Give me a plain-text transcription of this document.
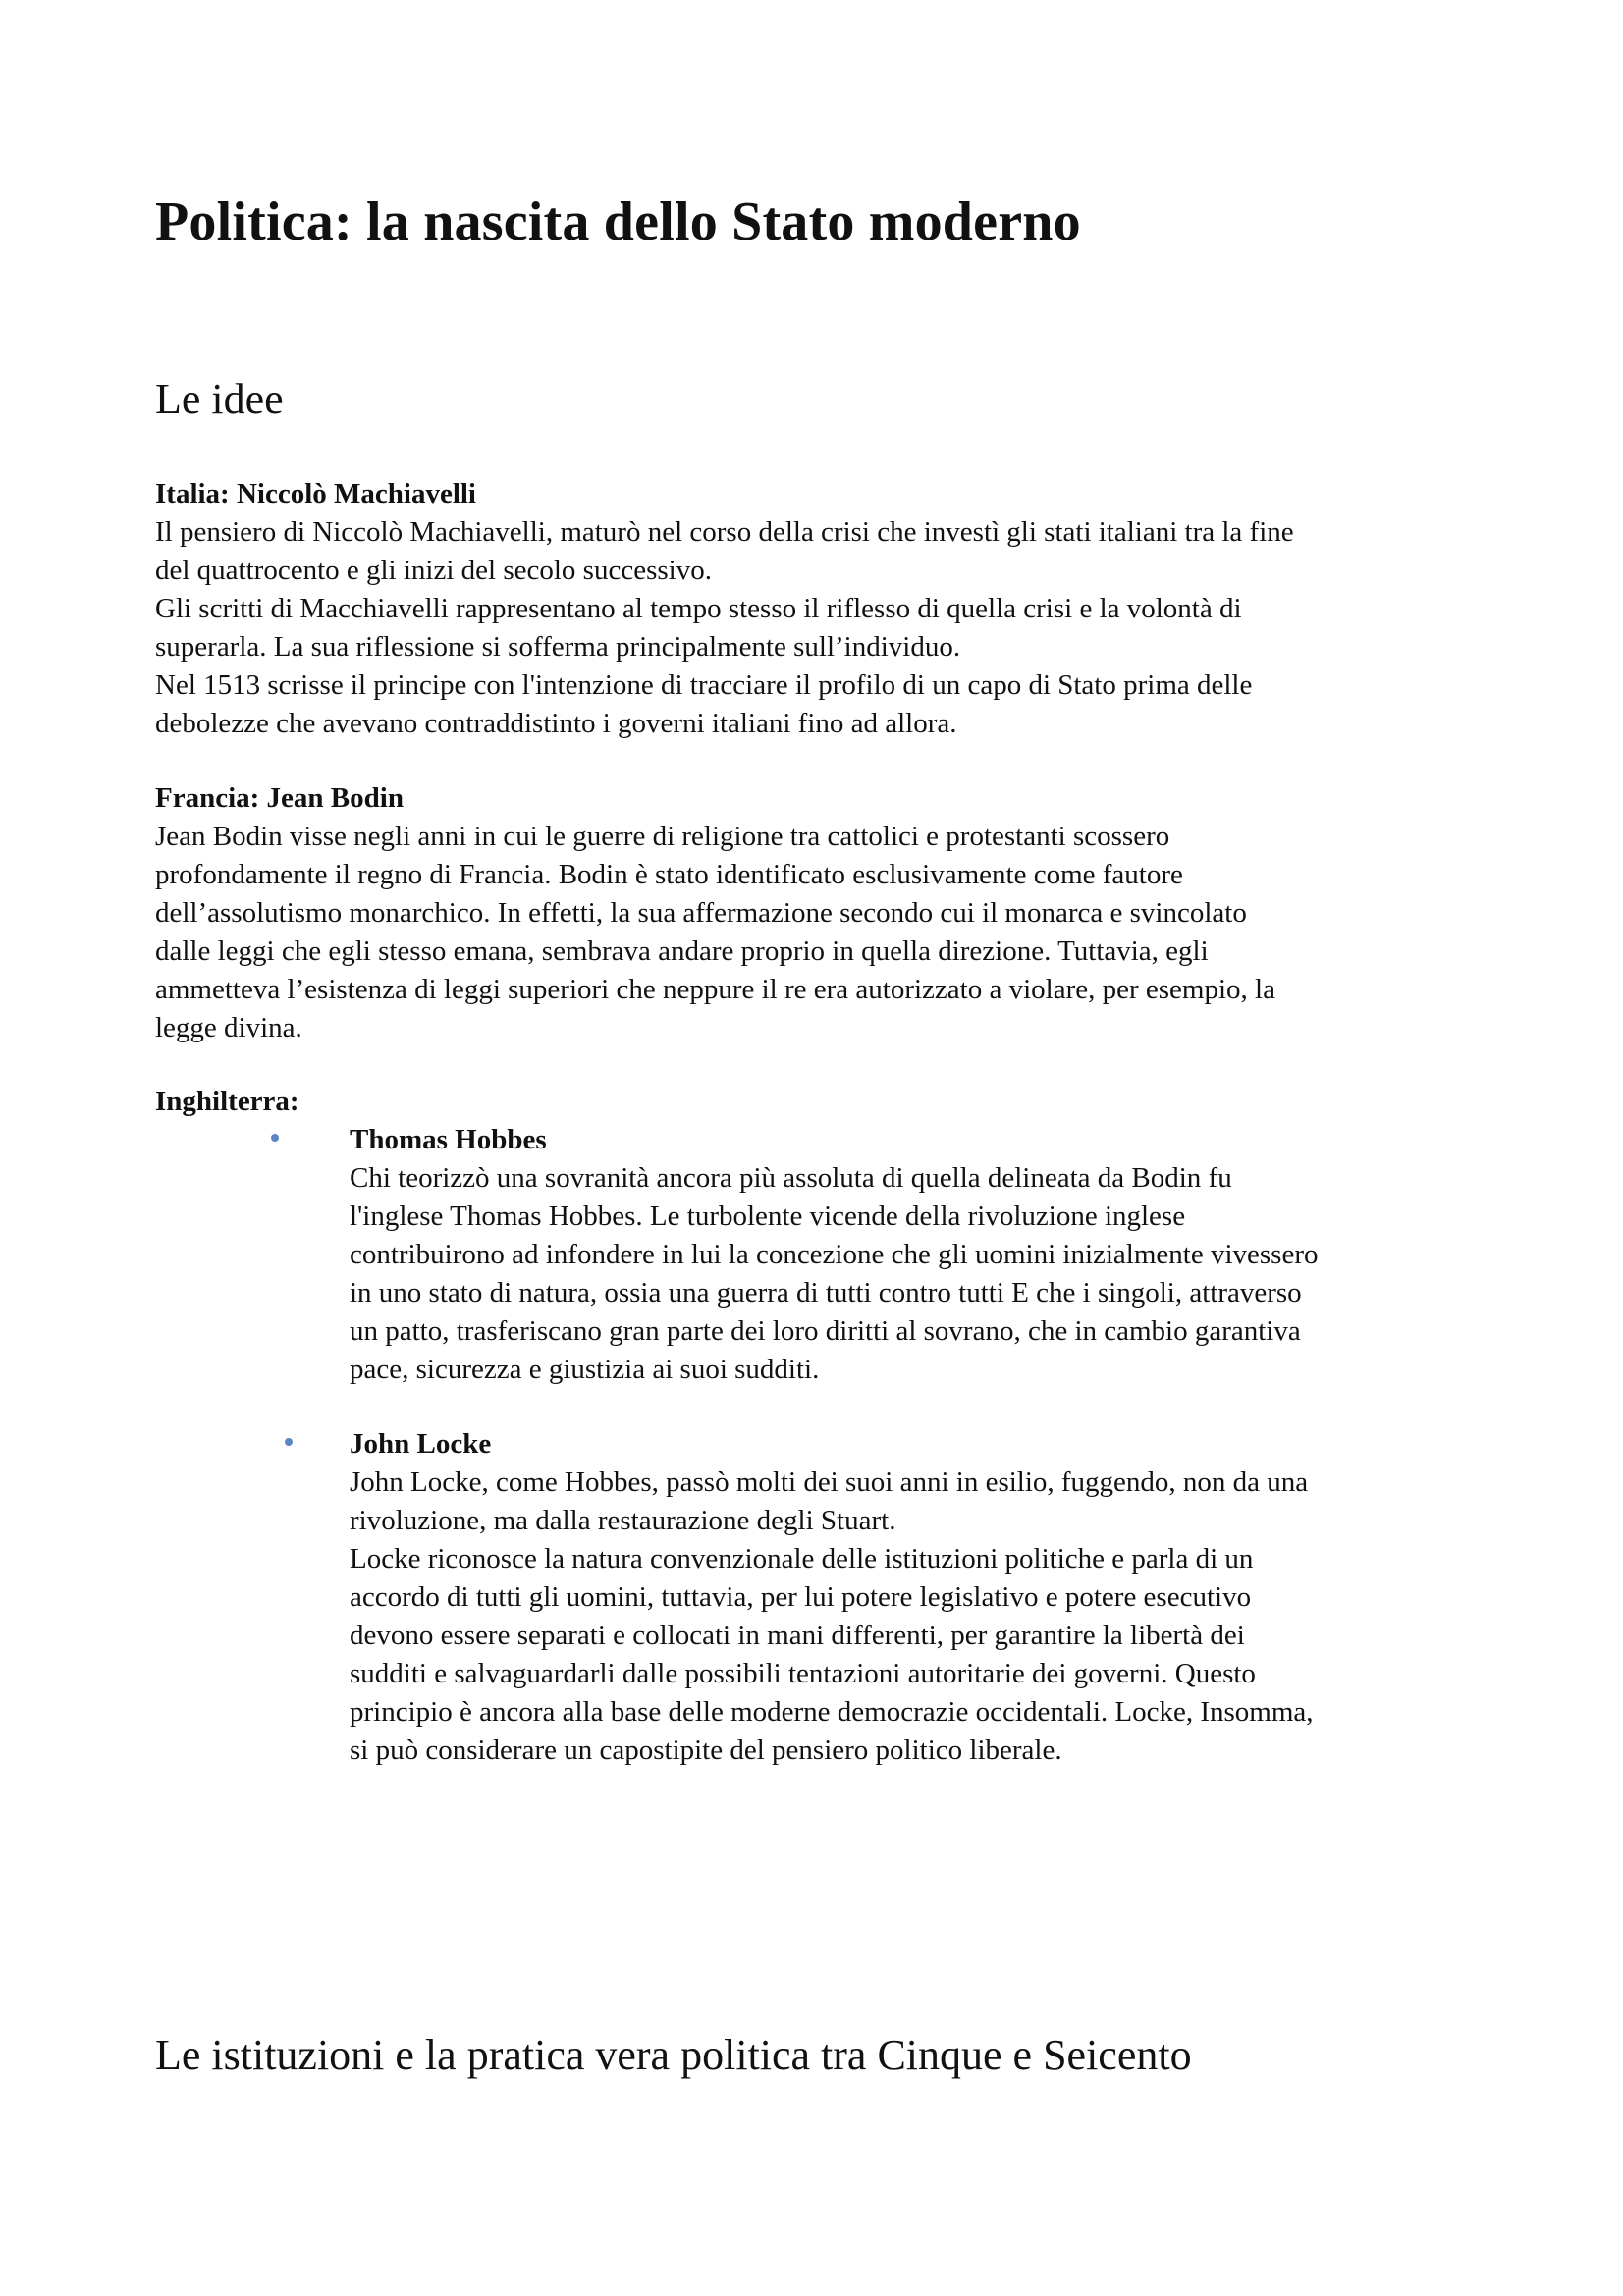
Politica: la nascita dello Stato moderno
Le idee

Italia: Niccolò Machiavelli

Il pensiero di Niccolò Machiavelli, maturò nel corso della crisi che investì gli stati italiani tra la fine
del quattrocento e gli inizi del secolo successivo.
Gli scritti di Macchiavelli rappresentano al tempo stesso il riflesso di quella crisi e la volontà di
superarla. La sua riflessione si sofferma principalmente sull’individuo.
Nel 1513 scrisse il principe con l'intenzione di tracciare il profilo di un capo di Stato prima delle
debolezze che avevano contraddistinto i governi italiani fino ad allora.

Francia: Jean Bodin

Jean Bodin visse negli anni in cui le guerre di religione tra cattolici e protestanti scossero
profondamente il regno di Francia. Bodin è stato identificato esclusivamente come fautore
dell’assolutismo monarchico. In effetti, la sua affermazione secondo cui il monarca e svincolato
dalle leggi che egli stesso emana, sembrava andare proprio in quella direzione. Tuttavia, egli
ammetteva l’esistenza di leggi superiori che neppure il re era autorizzato a violare, per esempio, la
legge divina.

Inghilterra:

Thomas Hobbes

Chi teorizzò una sovranità ancora più assoluta di quella delineata da Bodin fu
l'inglese Thomas Hobbes. Le turbolente vicende della rivoluzione inglese
contribuirono ad infondere in lui la concezione che gli uomini inizialmente vivessero
in uno stato di natura, ossia una guerra di tutti contro tutti E che i singoli, attraverso
un patto, trasferiscano gran parte dei loro diritti al sovrano, che in cambio garantiva
pace, sicurezza e giustizia ai suoi sudditi.

John Locke

John Locke, come Hobbes, passò molti dei suoi anni in esilio, fuggendo, non da una
rivoluzione, ma dalla restaurazione degli Stuart.
Locke riconosce la natura convenzionale delle istituzioni politiche e parla di un
accordo di tutti gli uomini, tuttavia, per lui potere legislativo e potere esecutivo
devono essere separati e collocati in mani differenti, per garantire la libertà dei
sudditi e salvaguardarli dalle possibili tentazioni autoritarie dei governi. Questo
principio è ancora alla base delle moderne democrazie occidentali. Locke, Insomma,
si può considerare un capostipite del pensiero politico liberale.

Le istituzioni e la pratica vera politica tra Cinque e Seicento
